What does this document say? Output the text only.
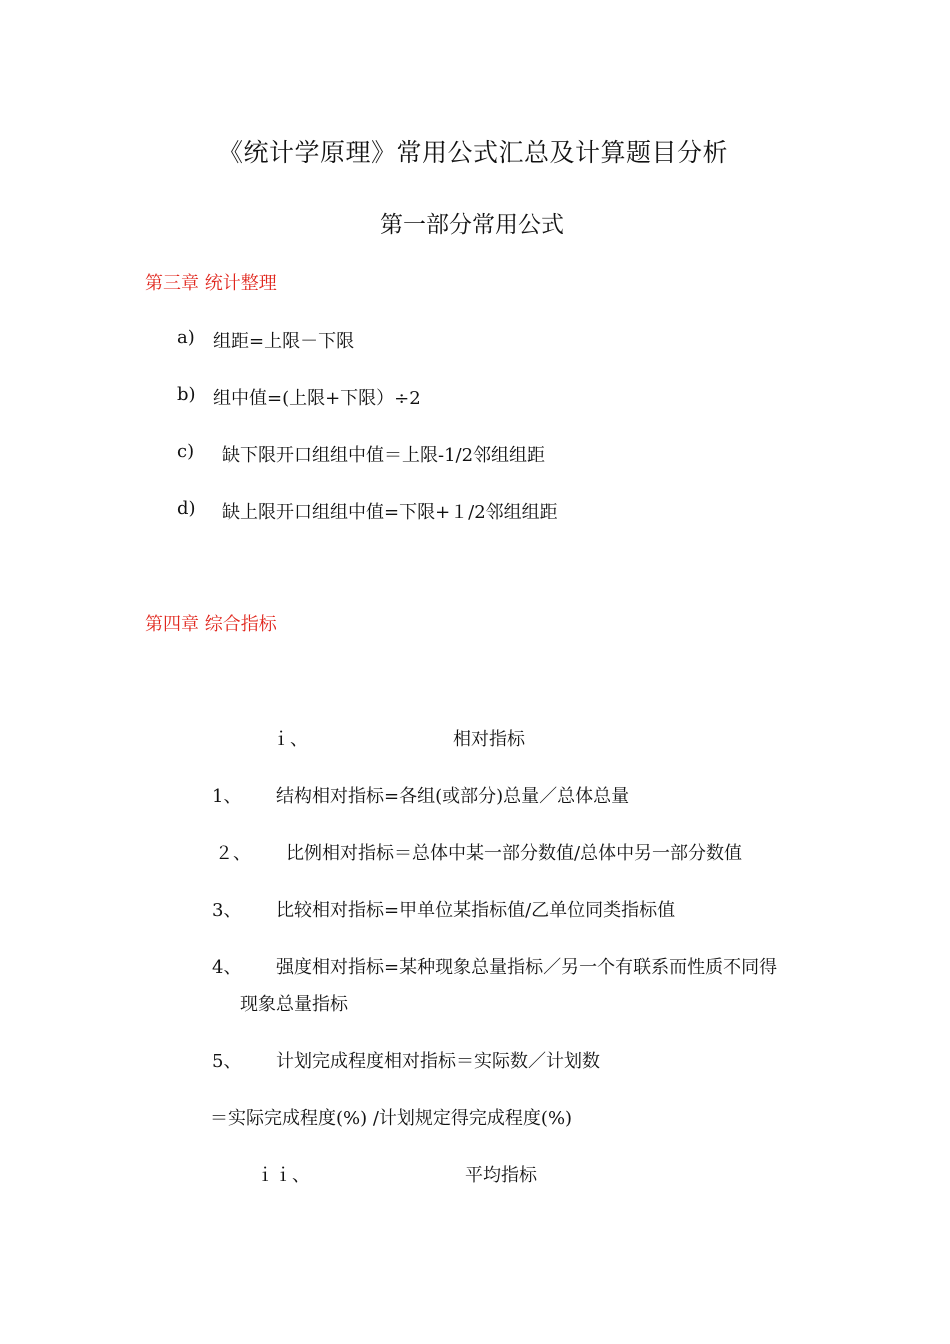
《统计学原理》常用公式汇总及计算题目分析
第一部分常用公式
第三章 统计整理
a) 组距=上限－下限
b) 组中值=(上限+下限）÷2
c) 缺下限开口组组中值＝上限-1/2邻组组距
d) 缺上限开口组组中值=下限+１/2邻组组距
第四章 综合指标
ｉ、	相对指标
1、 结构相对指标=各组(或部分)总量／总体总量
２、 比例相对指标＝总体中某一部分数值/总体中另一部分数值
3、 比较相对指标=甲单位某指标值/乙单位同类指标值
4、 强度相对指标=某种现象总量指标／另一个有联系而性质不同得
现象总量指标
5、 计划完成程度相对指标＝实际数／计划数
＝实际完成程度(%) /计划规定得完成程度(%)
ｉｉ、	平均指标
